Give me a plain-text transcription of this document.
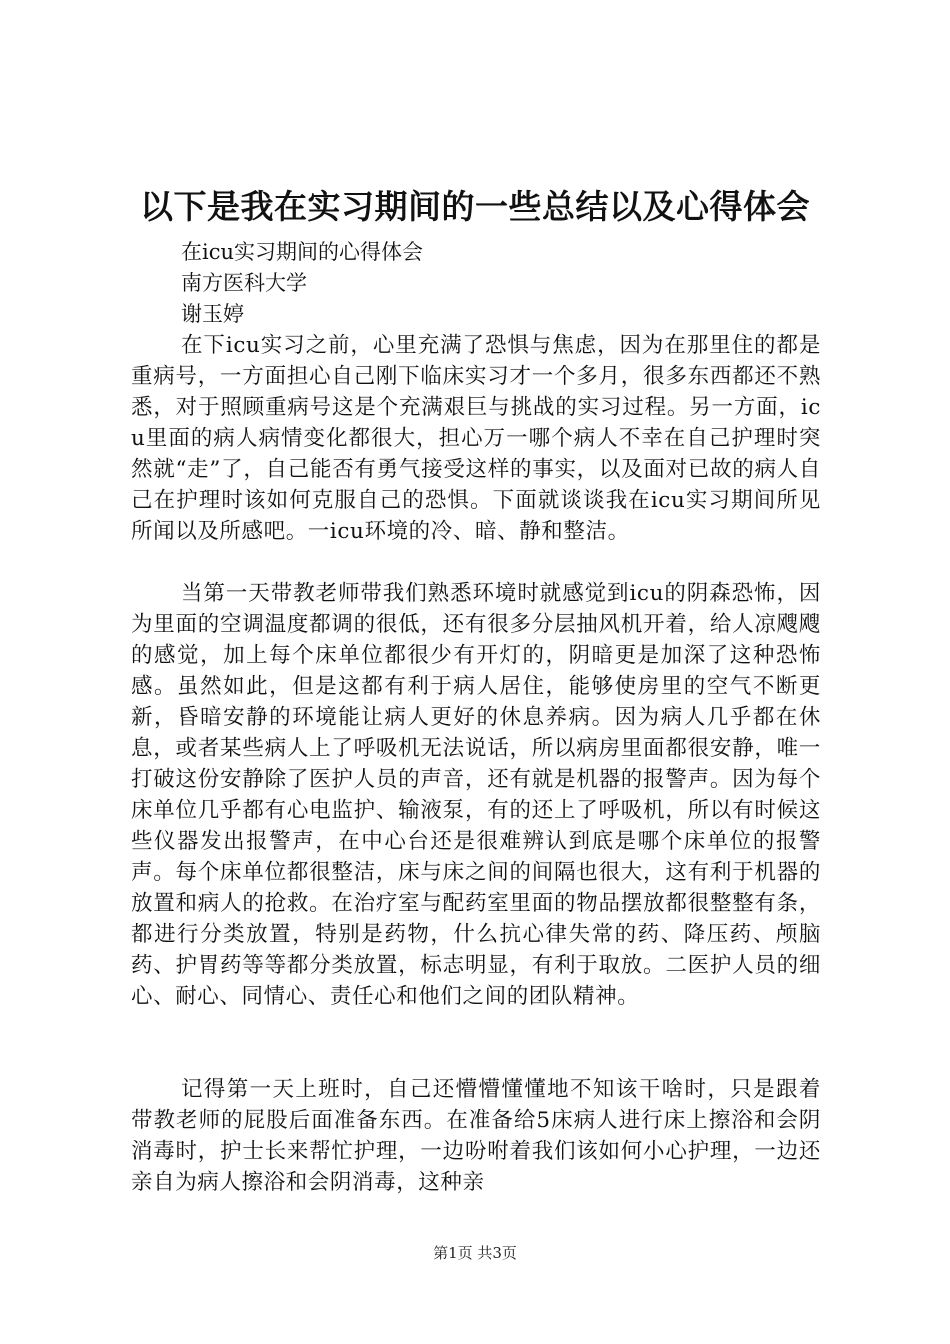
以下是我在实习期间的一些总结以及心得体会

在icu实习期间的心得体会

南方医科大学

谢玉婷

在下icu实习之前，心里充满了恐惧与焦虑，因为在那里住的都是重病号，一方面担心自己刚下临床实习才一个多月，很多东西都还不熟悉，对于照顾重病号这是个充满艰巨与挑战的实习过程。另一方面，icu里面的病人病情变化都很大，担心万一哪个病人不幸在自己护理时突然就“走”了，自己能否有勇气接受这样的事实，以及面对已故的病人自己在护理时该如何克服自己的恐惧。下面就谈谈我在icu实习期间所见所闻以及所感吧。一icu环境的冷、暗、静和整洁。

当第一天带教老师带我们熟悉环境时就感觉到icu的阴森恐怖，因为里面的空调温度都调的很低，还有很多分层抽风机开着，给人凉飕飕的感觉，加上每个床单位都很少有开灯的，阴暗更是加深了这种恐怖感。虽然如此，但是这都有利于病人居住，能够使房里的空气不断更新，昏暗安静的环境能让病人更好的休息养病。因为病人几乎都在休息，或者某些病人上了呼吸机无法说话，所以病房里面都很安静，唯一打破这份安静除了医护人员的声音，还有就是机器的报警声。因为每个床单位几乎都有心电监护、输液泵，有的还上了呼吸机，所以有时候这些仪器发出报警声，在中心台还是很难辨认到底是哪个床单位的报警声。每个床单位都很整洁，床与床之间的间隔也很大，这有利于机器的放置和病人的抢救。在治疗室与配药室里面的物品摆放都很整整有条，都进行分类放置，特别是药物，什么抗心律失常的药、降压药、颅脑药、护胃药等等都分类放置，标志明显，有利于取放。二医护人员的细心、耐心、同情心、责任心和他们之间的团队精神。

记得第一天上班时，自己还懵懵懂懂地不知该干啥时，只是跟着带教老师的屁股后面准备东西。在准备给5床病人进行床上擦浴和会阴消毒时，护士长来帮忙护理，一边吩咐着我们该如何小心护理，一边还亲自为病人擦浴和会阴消毒，这种亲

第1页 共3页
